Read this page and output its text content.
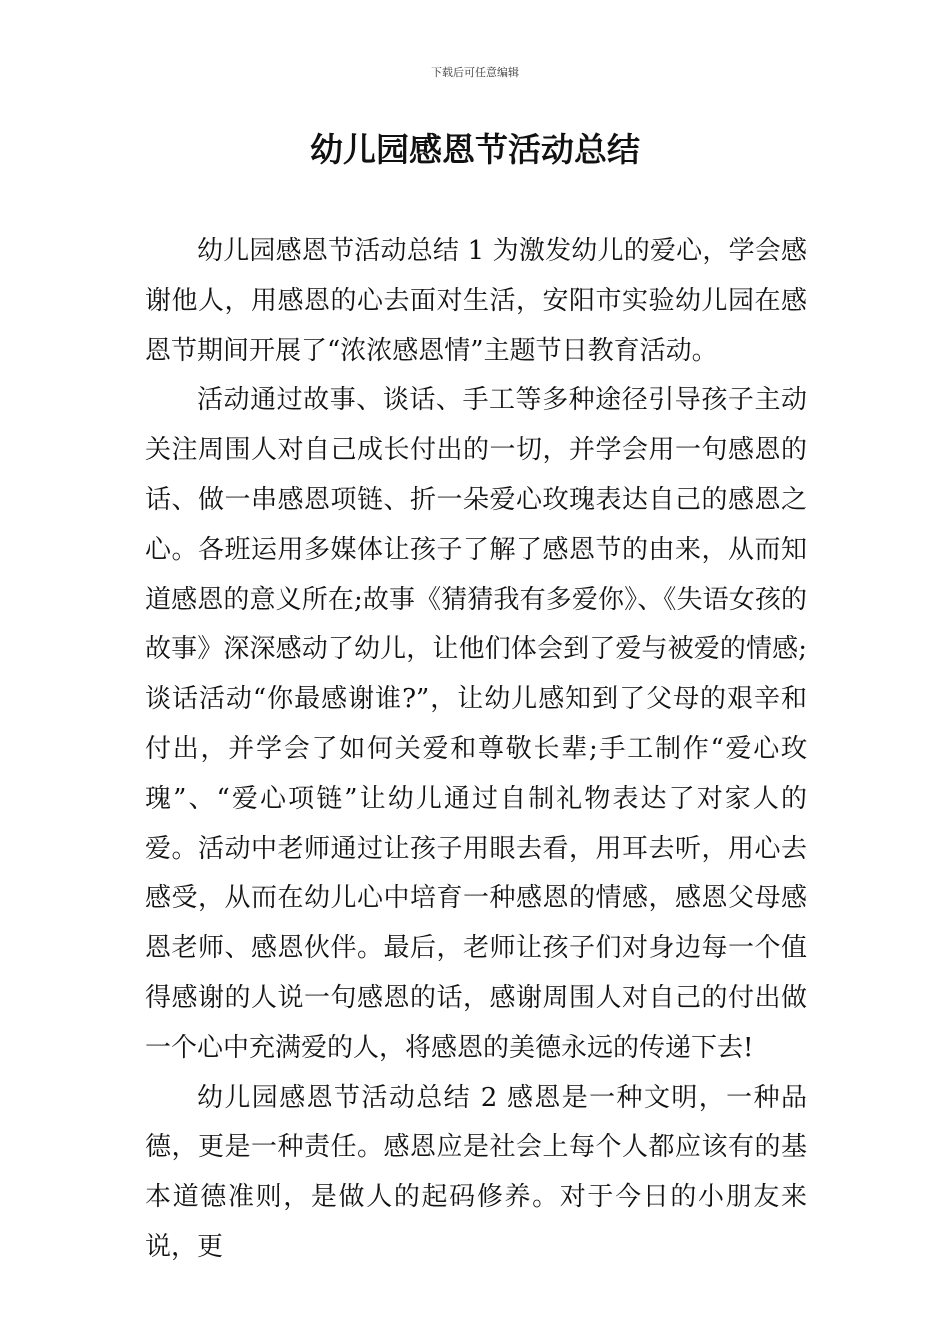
下载后可任意编辑
幼儿园感恩节活动总结

幼儿园感恩节活动总结 1 为激发幼儿的爱心，学会感谢他人，用感恩的心去面对生活，安阳市实验幼儿园在感恩节期间开展了“浓浓感恩情”主题节日教育活动。

活动通过故事、谈话、手工等多种途径引导孩子主动关注周围人对自己成长付出的一切，并学会用一句感恩的话、做一串感恩项链、折一朵爱心玫瑰表达自己的感恩之心。各班运用多媒体让孩子了解了感恩节的由来，从而知道感恩的意义所在;故事《猜猜我有多爱你》、《失语女孩的故事》深深感动了幼儿，让他们体会到了爱与被爱的情感;谈话活动“你最感谢谁?”，让幼儿感知到了父母的艰辛和付出，并学会了如何关爱和尊敬长辈;手工制作“爱心玫瑰”、“爱心项链”让幼儿通过自制礼物表达了对家人的爱。活动中老师通过让孩子用眼去看，用耳去听，用心去感受，从而在幼儿心中培育一种感恩的情感，感恩父母感恩老师、感恩伙伴。最后，老师让孩子们对身边每一个值得感谢的人说一句感恩的话，感谢周围人对自己的付出做一个心中充满爱的人，将感恩的美德永远的传递下去!

幼儿园感恩节活动总结 2 感恩是一种文明，一种品德，更是一种责任。感恩应是社会上每个人都应该有的基本道德准则，是做人的起码修养。对于今日的小朋友来说，更
